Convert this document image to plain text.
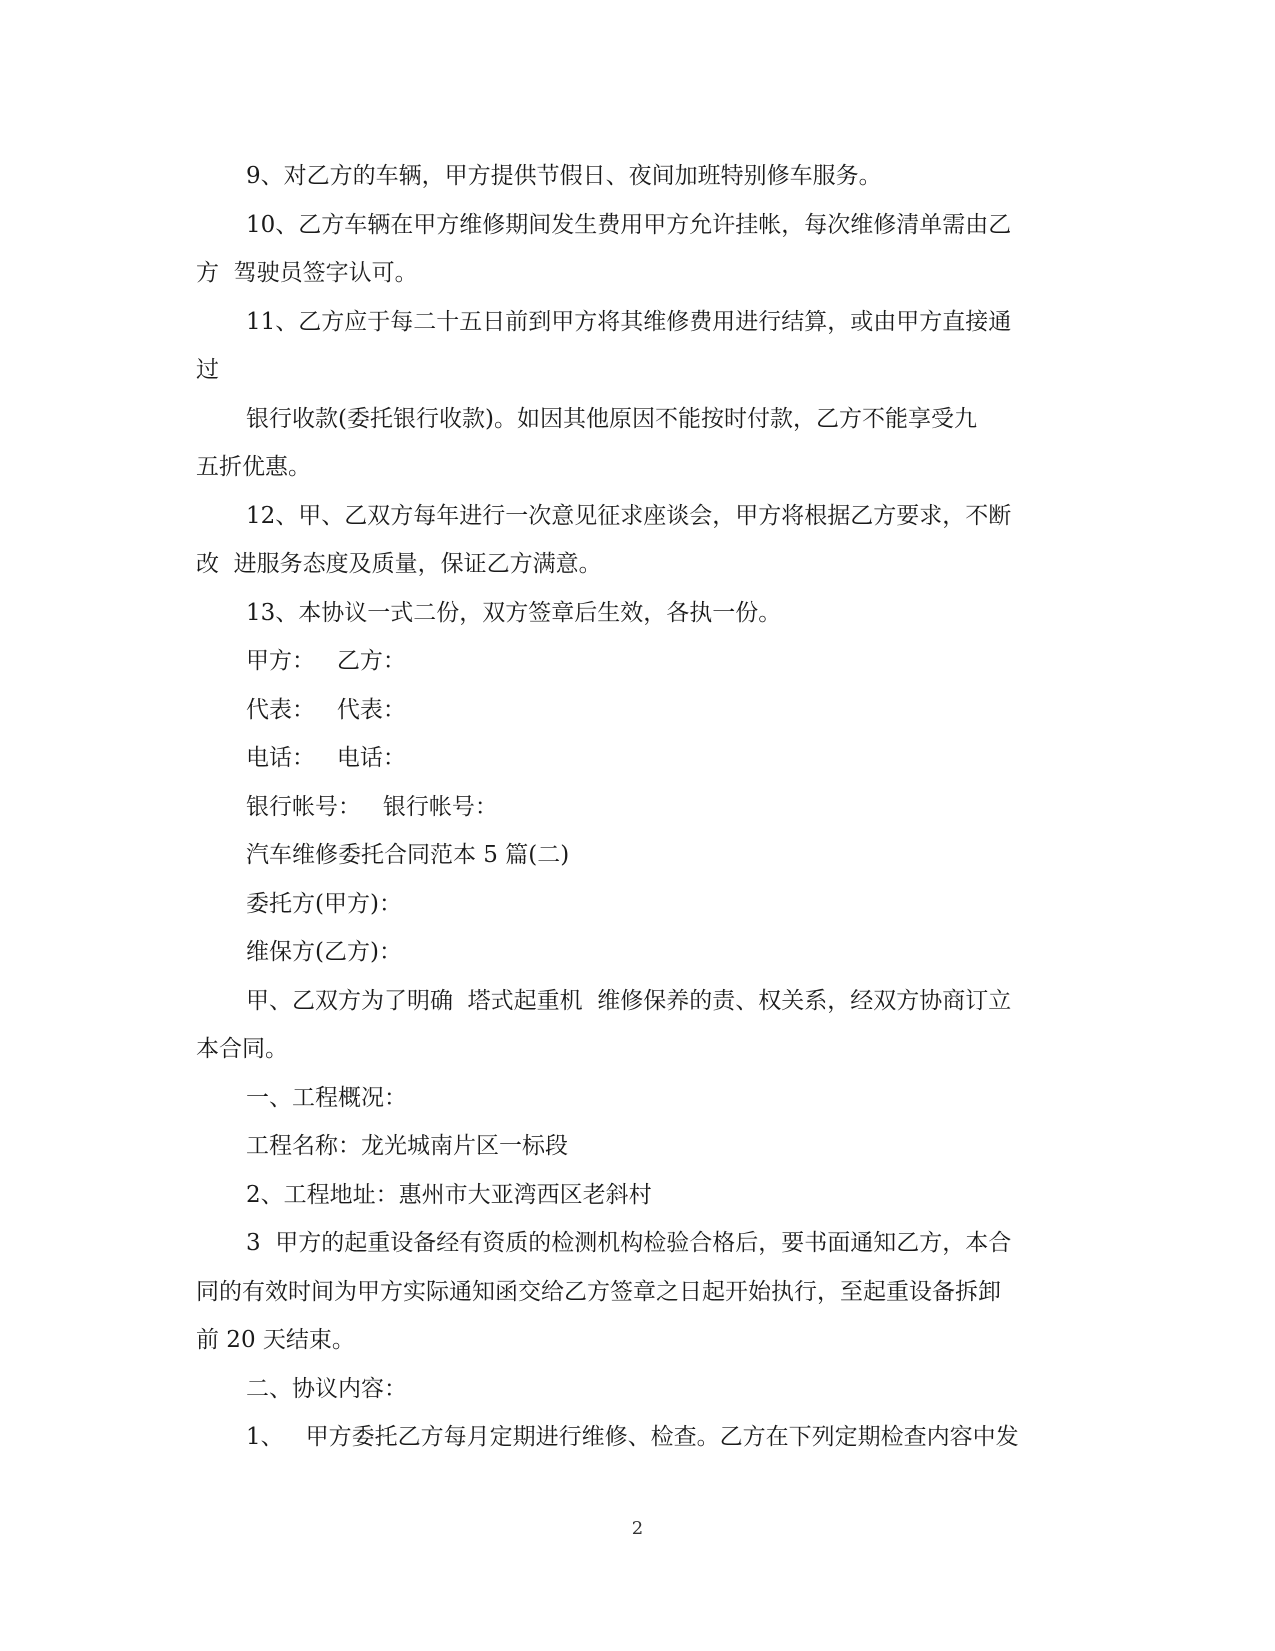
9、对乙方的车辆，甲方提供节假日、夜间加班特别修车服务。

10、乙方车辆在甲方维修期间发生费用甲方允许挂帐，每次维修清单需由乙

方  驾驶员签字认可。

11、乙方应于每二十五日前到甲方将其维修费用进行结算，或由甲方直接通

过

银行收款(委托银行收款)。如因其他原因不能按时付款，乙方不能享受九

五折优惠。

12、甲、乙双方每年进行一次意见征求座谈会，甲方将根据乙方要求，不断

改  进服务态度及质量，保证乙方满意。

13、本协议一式二份，双方签章后生效，各执一份。

甲方：   乙方：

代表：   代表：

电话：   电话：

银行帐号：   银行帐号：

汽车维修委托合同范本 5 篇(二)

委托方(甲方)：

维保方(乙方)：

甲、乙双方为了明确  塔式起重机  维修保养的责、权关系，经双方协商订立

本合同。

一、工程概况：

工程名称：龙光城南片区一标段

2、工程地址：惠州市大亚湾西区老斜村

3  甲方的起重设备经有资质的检测机构检验合格后，要书面通知乙方，本合

同的有效时间为甲方实际通知函交给乙方签章之日起开始执行，至起重设备拆卸

前 20 天结束。

二、协议内容：

1、   甲方委托乙方每月定期进行维修、检查。乙方在下列定期检查内容中发

2
